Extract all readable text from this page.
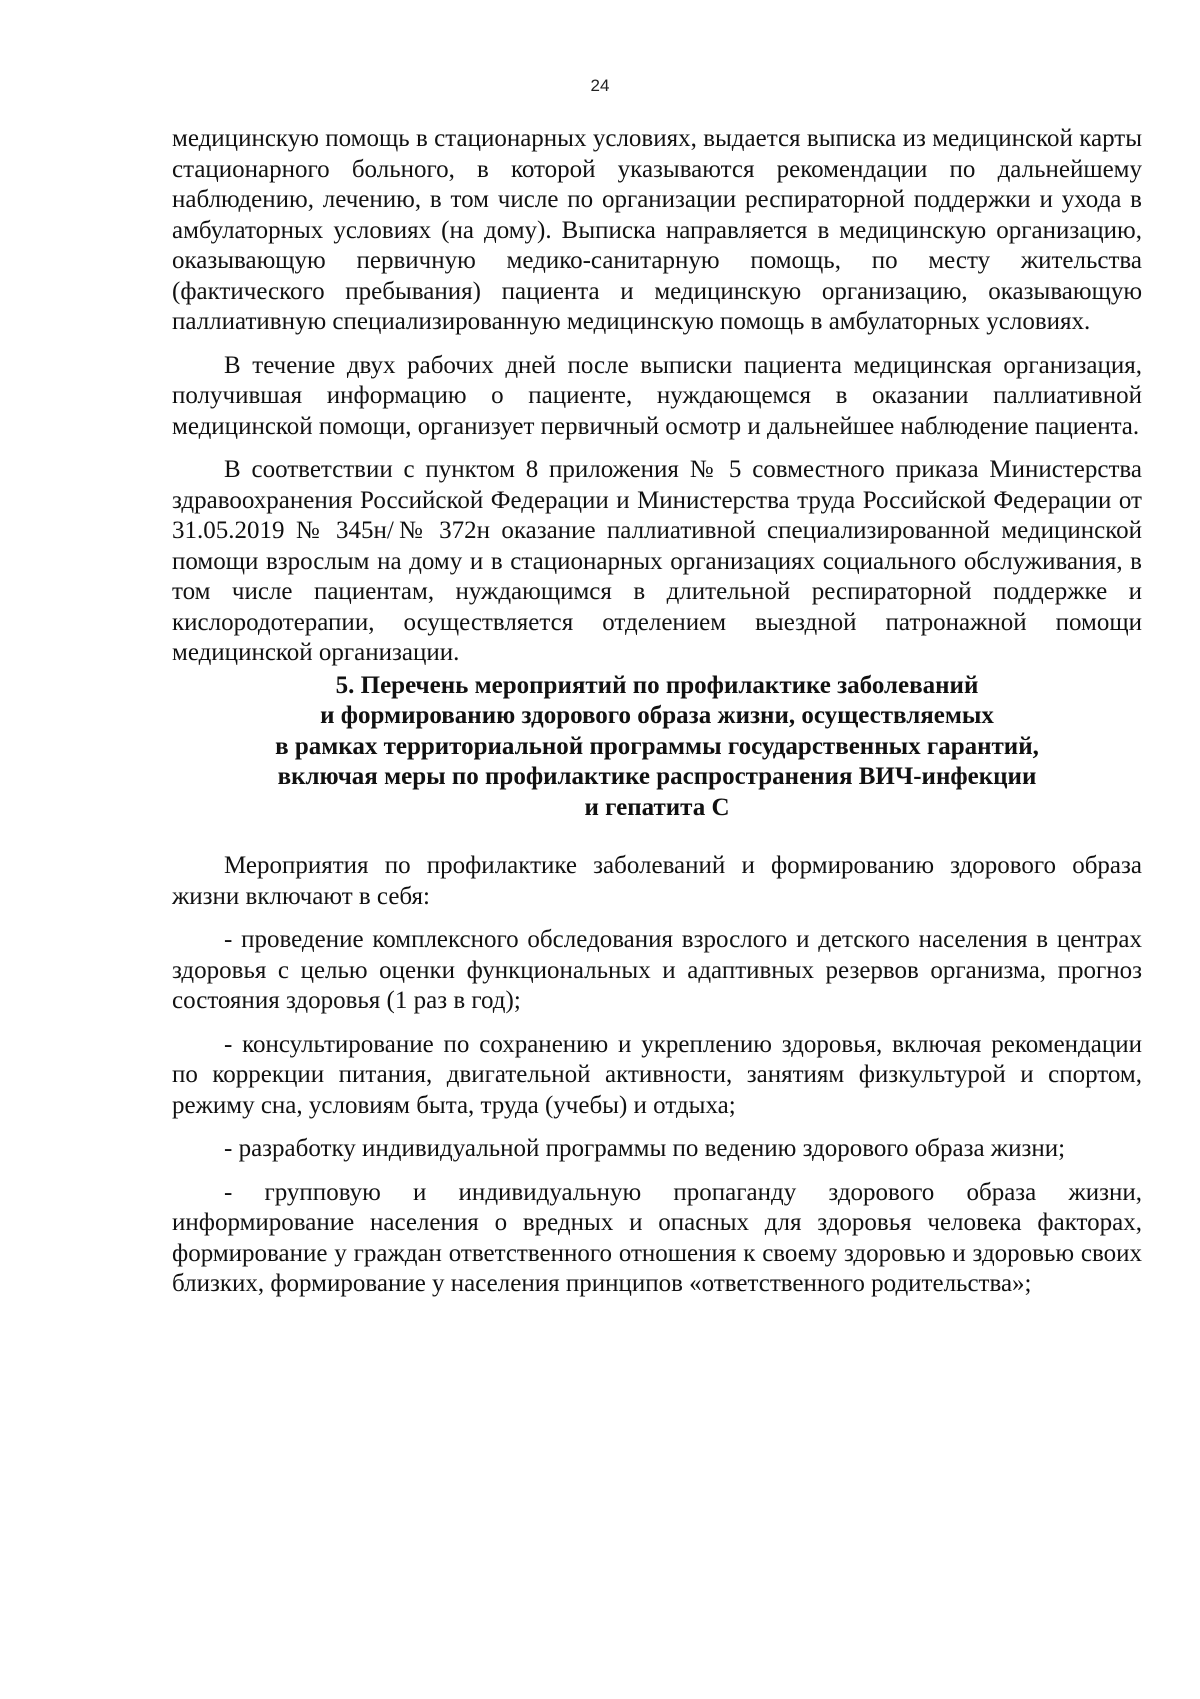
24

медицинскую помощь в стационарных условиях, выдается выписка из медицинской карты стационарного больного, в которой указываются рекомендации по дальнейшему наблюдению, лечению, в том числе по организации респираторной поддержки и ухода в амбулаторных условиях (на дому). Выписка направляется в медицинскую организацию, оказывающую первичную медико-санитарную помощь, по месту жительства (фактического пребывания) пациента и медицинскую организацию, оказывающую паллиативную специализированную медицинскую помощь в амбулаторных условиях.

В течение двух рабочих дней после выписки пациента медицинская организация, получившая информацию о пациенте, нуждающемся в оказании паллиативной медицинской помощи, организует первичный осмотр и дальнейшее наблюдение пациента.

В соответствии с пунктом 8 приложения № 5 совместного приказа Министерства здравоохранения Российской Федерации и Министерства труда Российской Федерации от 31.05.2019 № 345н/№ 372н оказание паллиативной специализированной медицинской помощи взрослым на дому и в стационарных организациях социального обслуживания, в том числе пациентам, нуждающимся в длительной респираторной поддержке и кислородотерапии, осуществляется отделением выездной патронажной помощи медицинской организации.

5. Перечень мероприятий по профилактике заболеваний
и формированию здорового образа жизни, осуществляемых
в рамках территориальной программы государственных гарантий,
включая меры по профилактике распространения ВИЧ-инфекции
и гепатита С

Мероприятия по профилактике заболеваний и формированию здорового образа жизни включают в себя:

- проведение комплексного обследования взрослого и детского населения в центрах здоровья с целью оценки функциональных и адаптивных резервов организма, прогноз состояния здоровья (1 раз в год);

- консультирование по сохранению и укреплению здоровья, включая рекомендации по коррекции питания, двигательной активности, занятиям физкультурой и спортом, режиму сна, условиям быта, труда (учебы) и отдыха;

- разработку индивидуальной программы по ведению здорового образа жизни;

- групповую и индивидуальную пропаганду здорового образа жизни, информирование населения о вредных и опасных для здоровья человека факторах, формирование у граждан ответственного отношения к своему здоровью и здоровью своих близких, формирование у населения принципов «ответственного родительства»;
